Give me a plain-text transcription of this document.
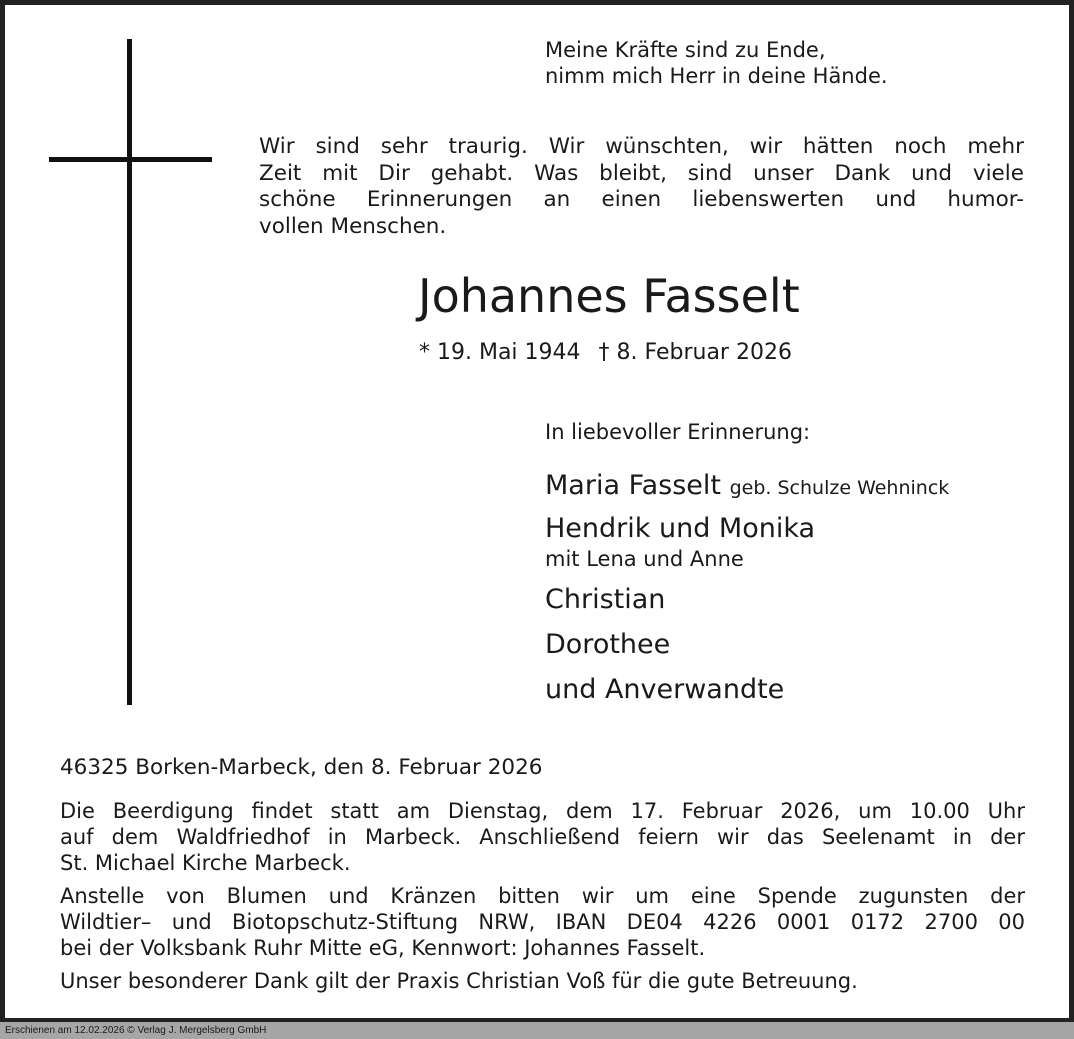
Meine Kräfte sind zu Ende,
nimm mich Herr in deine Hände.
Wir sind sehr traurig. Wir wünschten, wir hätten noch mehr
Zeit mit Dir gehabt. Was bleibt, sind unser Dank und viele
schöne Erinnerungen an einen liebenswerten und humor-
vollen Menschen.
Johannes Fasselt
* 19. Mai 1944 † 8. Februar 2026
In liebevoller Erinnerung:
Maria Fasselt geb. Schulze Wehninck
Hendrik und Monika
mit Lena und Anne
Christian
Dorothee
und Anverwandte
46325 Borken-Marbeck, den 8. Februar 2026
Die Beerdigung findet statt am Dienstag, dem 17. Februar 2026, um 10.00 Uhr
auf dem Waldfriedhof in Marbeck. Anschließend feiern wir das Seelenamt in der
St. Michael Kirche Marbeck.
Anstelle von Blumen und Kränzen bitten wir um eine Spende zugunsten der
Wildtier– und Biotopschutz-Stiftung NRW, IBAN DE04 4226 0001 0172 2700 00
bei der Volksbank Ruhr Mitte eG, Kennwort: Johannes Fasselt.
Unser besonderer Dank gilt der Praxis Christian Voß für die gute Betreuung.
Erschienen am 12.02.2026 © Verlag J. Mergelsberg GmbH
